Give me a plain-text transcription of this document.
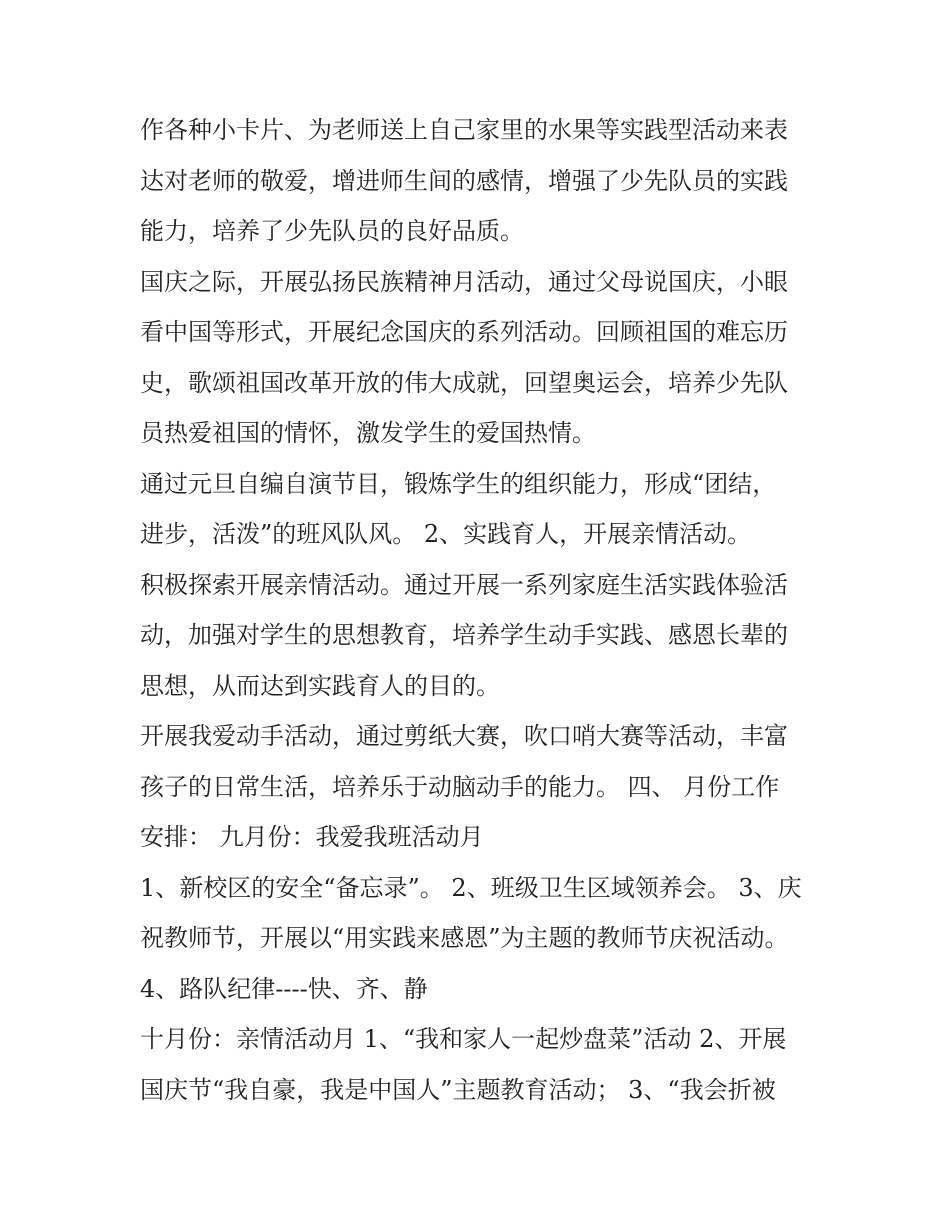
作各种小卡片、为老师送上自己家里的水果等实践型活动来表
达对老师的敬爱，增进师生间的感情，增强了少先队员的实践
能力，培养了少先队员的良好品质。
国庆之际，开展弘扬民族精神月活动，通过父母说国庆，小眼
看中国等形式，开展纪念国庆的系列活动。回顾祖国的难忘历
史，歌颂祖国改革开放的伟大成就，回望奥运会，培养少先队
员热爱祖国的情怀，激发学生的爱国热情。
通过元旦自编自演节目，锻炼学生的组织能力，形成“团结，
进步，活泼”的班风队风。 2、实践育人，开展亲情活动。
积极探索开展亲情活动。通过开展一系列家庭生活实践体验活
动，加强对学生的思想教育，培养学生动手实践、感恩长辈的
思想，从而达到实践育人的目的。
开展我爱动手活动，通过剪纸大赛，吹口哨大赛等活动，丰富
孩子的日常生活，培养乐于动脑动手的能力。 四、 月份工作
安排： 九月份：我爱我班活动月
1、新校区的安全“备忘录”。 2、班级卫生区域领养会。 3、庆
祝教师节，开展以“用实践来感恩”为主题的教师节庆祝活动。
4、路队纪律----快、齐、静
十月份：亲情活动月 1、“我和家人一起炒盘菜”活动 2、开展
国庆节“我自豪，我是中国人”主题教育活动； 3、“我会折被
